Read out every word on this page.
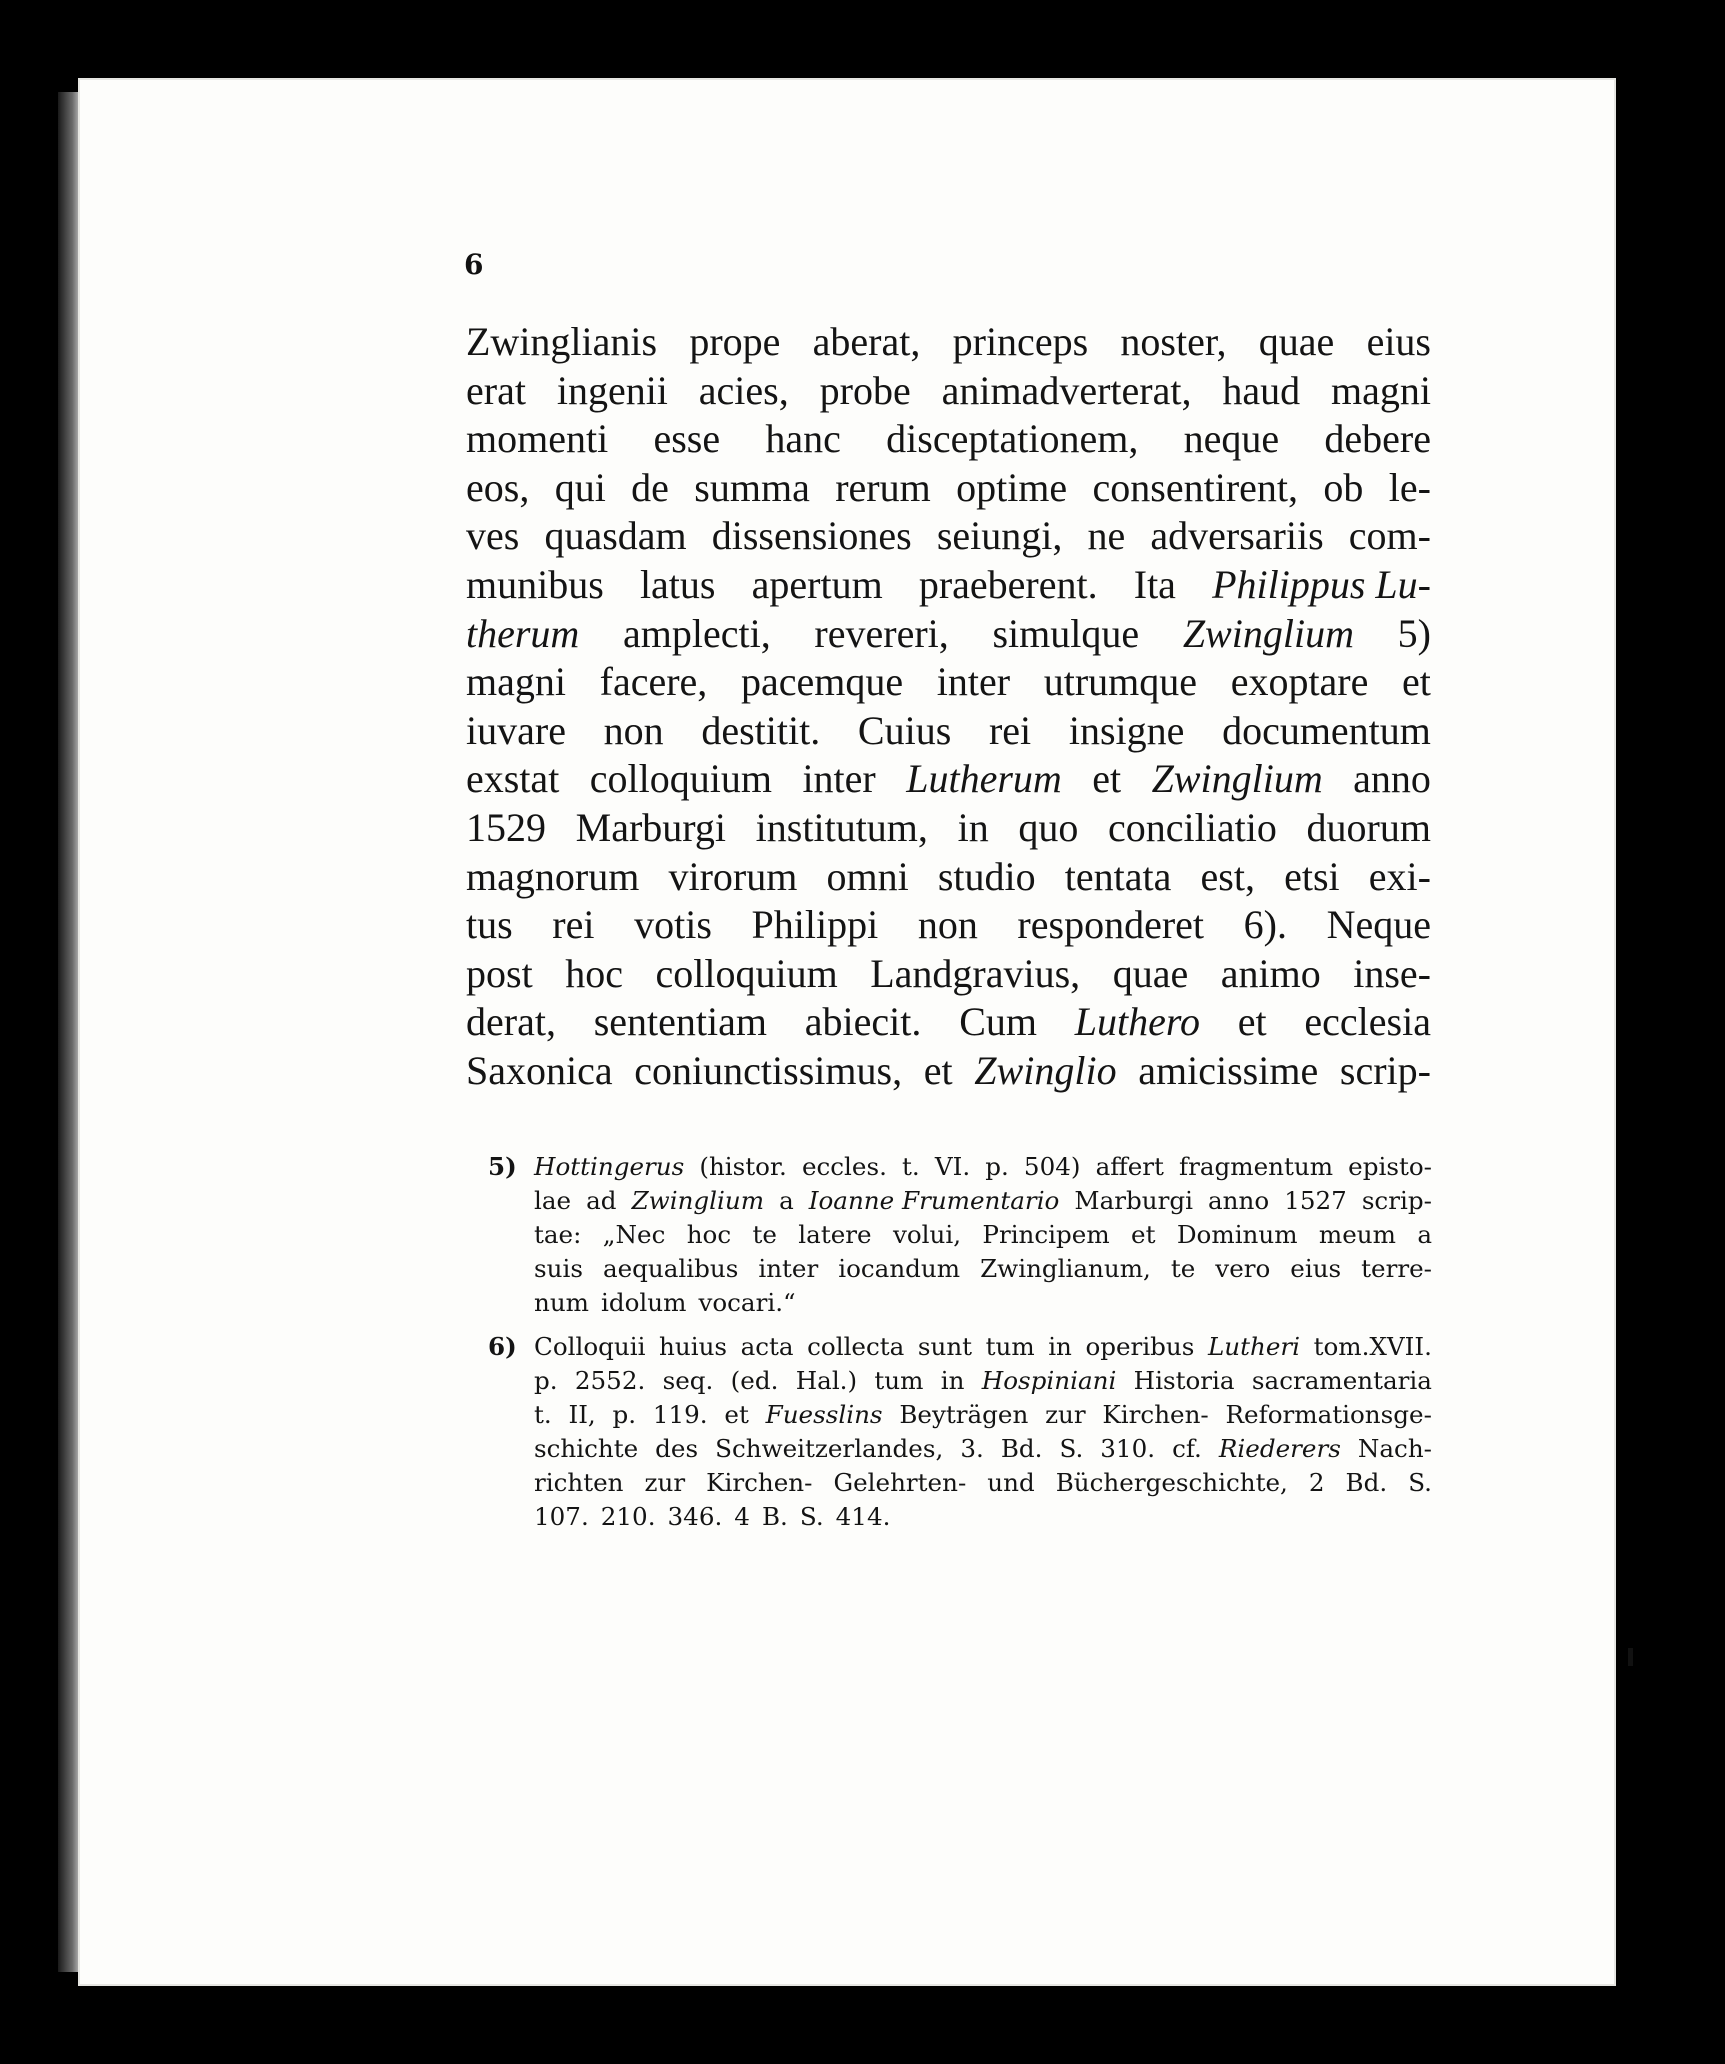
6
Zwinglianis prope aberat, princeps noster, quae eius
erat ingenii acies, probe animadverterat, haud magni
momenti esse hanc disceptationem, neque debere
eos, qui de summa rerum optime consentirent, ob le-
ves quasdam dissensiones seiungi, ne adversariis com-
munibus latus apertum praeberent. Ita Philippus Lu-
therum amplecti, revereri, simulque Zwinglium 5)
magni facere, pacemque inter utrumque exoptare et
iuvare non destitit. Cuius rei insigne documentum
exstat colloquium inter Lutherum et Zwinglium anno
1529 Marburgi institutum, in quo conciliatio duorum
magnorum virorum omni studio tentata est, etsi exi-
tus rei votis Philippi non responderet 6). Neque
post hoc colloquium Landgravius, quae animo inse-
derat, sententiam abiecit. Cum Luthero et ecclesia
Saxonica coniunctissimus, et Zwinglio amicissime scrip-
5) Hottingerus (histor. eccles. t. VI. p. 504) affert fragmentum episto-
lae ad Zwinglium a Ioanne Frumentario Marburgi anno 1527 scrip-
tae: „Nec hoc te latere volui, Principem et Dominum meum a
suis aequalibus inter iocandum Zwinglianum, te vero eius terre-
num idolum vocari.“
6) Colloquii huius acta collecta sunt tum in operibus Lutheri tom.XVII.
p. 2552. seq. (ed. Hal.) tum in Hospiniani Historia sacramentaria
t. II, p. 119. et Fuesslins Beyträgen zur Kirchen- Reformationsge-
schichte des Schweitzerlandes, 3. Bd. S. 310. cf. Riederers Nach-
richten zur Kirchen- Gelehrten- und Büchergeschichte, 2 Bd. S.
107. 210. 346. 4 B. S. 414.
